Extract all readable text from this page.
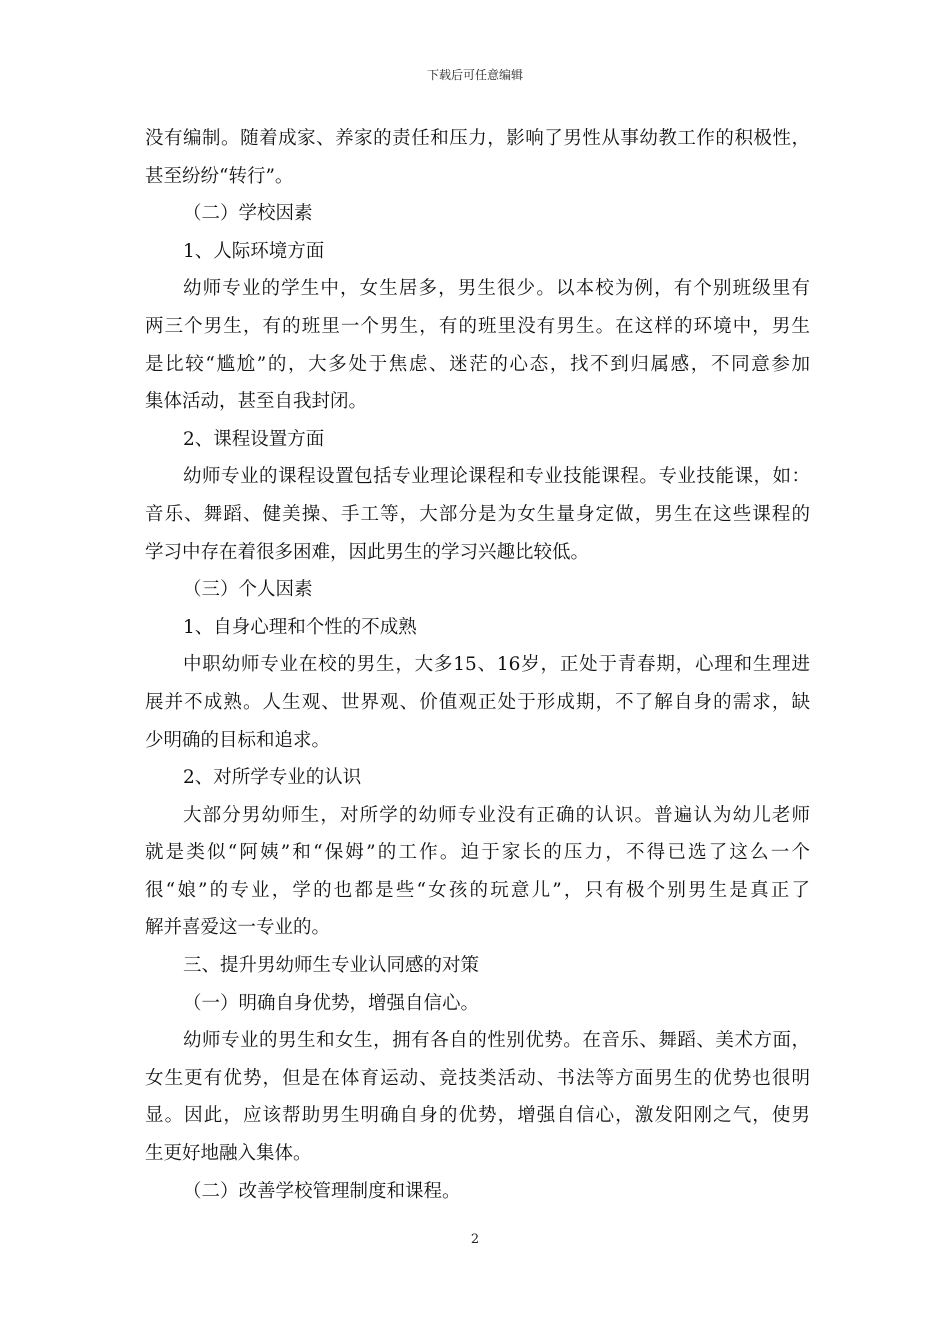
下载后可任意编辑
没有编制。随着成家、养家的责任和压力，影响了男性从事幼教工作的积极性，
甚至纷纷“转行”。
（二）学校因素
1、人际环境方面
幼师专业的学生中，女生居多，男生很少。以本校为例，有个别班级里有
两三个男生，有的班里一个男生，有的班里没有男生。在这样的环境中，男生
是比较“尴尬”的，大多处于焦虑、迷茫的心态，找不到归属感，不同意参加
集体活动，甚至自我封闭。
2、课程设置方面
幼师专业的课程设置包括专业理论课程和专业技能课程。专业技能课，如：
音乐、舞蹈、健美操、手工等，大部分是为女生量身定做，男生在这些课程的
学习中存在着很多困难，因此男生的学习兴趣比较低。
（三）个人因素
1、自身心理和个性的不成熟
中职幼师专业在校的男生，大多15、16岁，正处于青春期，心理和生理进
展并不成熟。人生观、世界观、价值观正处于形成期，不了解自身的需求，缺
少明确的目标和追求。
2、对所学专业的认识
大部分男幼师生，对所学的幼师专业没有正确的认识。普遍认为幼儿老师
就是类似“阿姨”和“保姆”的工作。迫于家长的压力，不得已选了这么一个
很“娘”的专业，学的也都是些“女孩的玩意儿”，只有极个别男生是真正了
解并喜爱这一专业的。
三、提升男幼师生专业认同感的对策
（一）明确自身优势，增强自信心。
幼师专业的男生和女生，拥有各自的性别优势。在音乐、舞蹈、美术方面，
女生更有优势，但是在体育运动、竞技类活动、书法等方面男生的优势也很明
显。因此，应该帮助男生明确自身的优势，增强自信心，激发阳刚之气，使男
生更好地融入集体。
（二）改善学校管理制度和课程。
2
